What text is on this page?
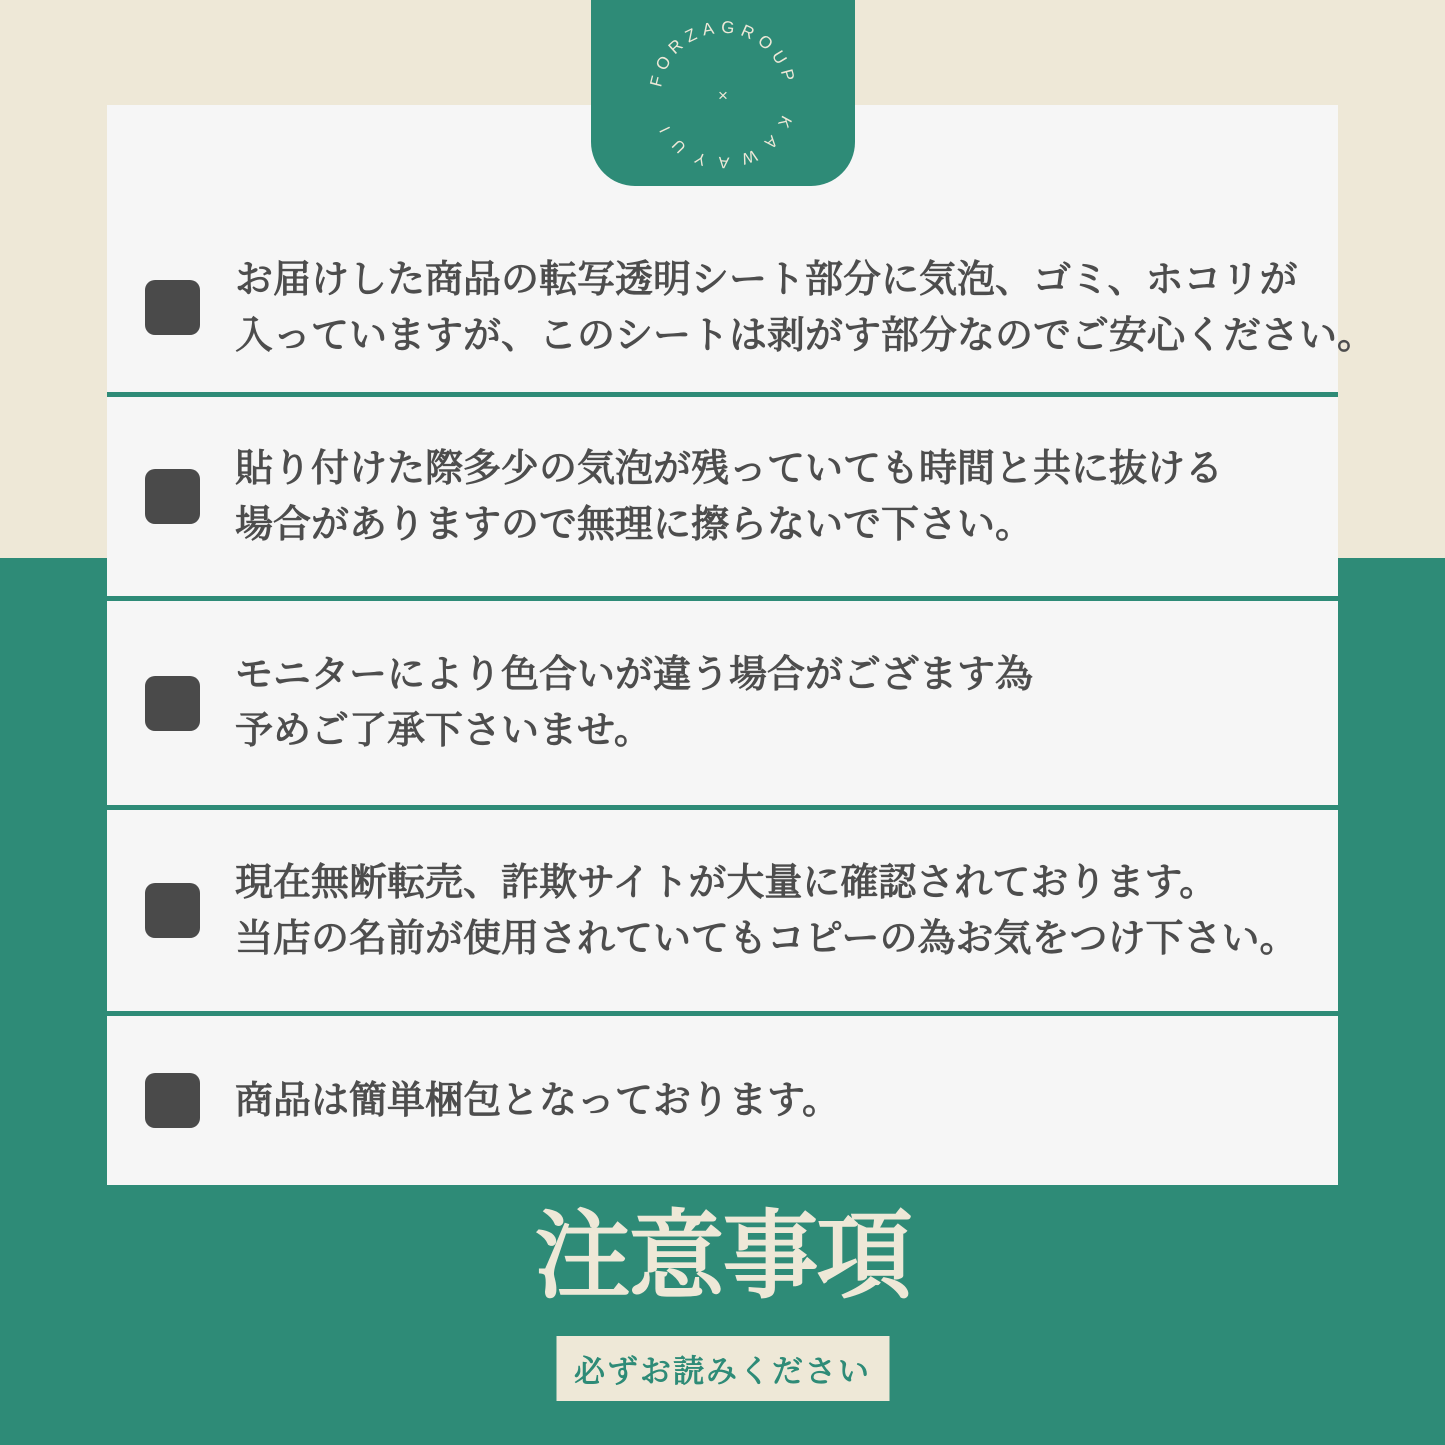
お届けした商品の転写透明シート部分に気泡、ゴミ、ホコリが

入っていますが、このシートは剥がす部分なのでご安心ください。

貼り付けた際多少の気泡が残っていても時間と共に抜ける

場合がありますので無理に擦らないで下さい。

モニターにより色合いが違う場合がござます為

予めご了承下さいませ。

現在無断転売、詐欺サイトが大量に確認されております。

当店の名前が使用されていてもコピーの為お気をつけ下さい。

商品は簡単梱包となっております。

FORZAGROUP
×
KAWAYUI
注意事項
必ずお読みください
